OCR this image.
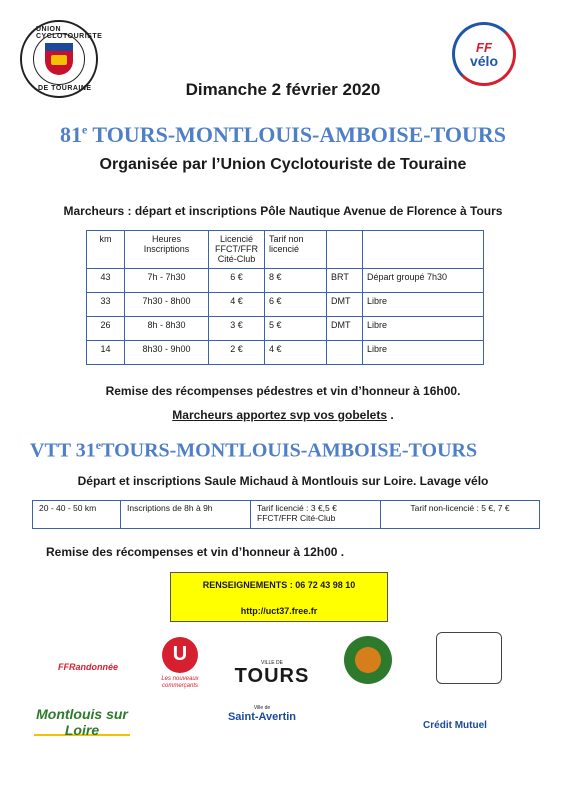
UNION CYCLOTOURISTE
DE TOURAINE
FF
vélo
Dimanche 2 février 2020
81e TOURS-MONTLOUIS-AMBOISE-TOURS
Organisée par l’Union Cyclotouriste de Touraine
Marcheurs : départ et inscriptions Pôle Nautique Avenue de Florence à Tours
km	Heures Inscriptions	Licencié FFCT/FFR Cité-Club	Tarif non licencié		
43	7h - 7h30	6 €	8 €	BRT	Départ groupé 7h30
33	7h30 - 8h00	4 €	6 €	DMT	Libre
26	8h - 8h30	3 €	5 €	DMT	Libre
14	8h30 - 9h00	2 €	4 €		Libre
Remise des récompenses pédestres et vin d’honneur à 16h00.
Marcheurs apportez svp vos gobelets .
VTT 31eTOURS-MONTLOUIS-AMBOISE-TOURS
Départ et inscriptions Saule Michaud à Montlouis sur Loire. Lavage vélo
20 - 40 - 50 km	Inscriptions de 8h à 9h	Tarif licencié : 3 €,5 € FFCT/FFR Cité-Club	Tarif non-licencié : 5 €, 7 €
Remise des récompenses et vin d’honneur à 12h00 .
RENSEIGNEMENTS : 06 72 43 98 10
http://uct37.free.fr
FFRandonnée
U
Les nouveaux commerçants
VILLE DE
TOURS
Montlouis sur Loire
Ville de
Saint-Avertin
Crédit Mutuel
